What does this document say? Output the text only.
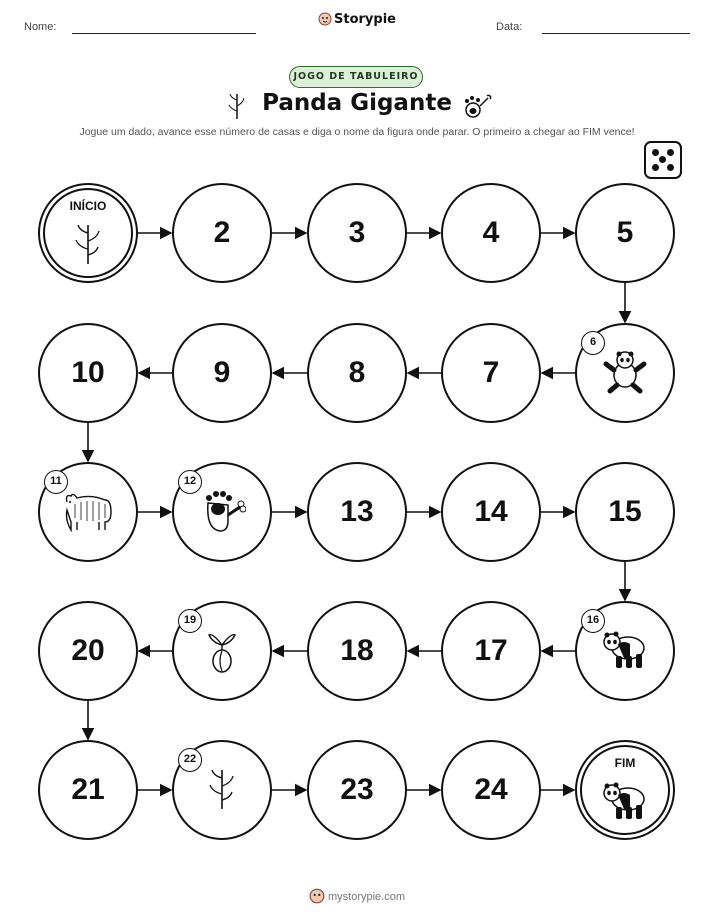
Nome:	Storypie	Data:
JOGO DE TABULEIRO
Panda Gigante
Jogue um dado, avance esse número de casas e diga o nome da figura onde parar. O primeiro a chegar ao FIM vence!
INÍCIO
2	3	4	5
6
7
8
9
10
11	12
13	14	15
16
17
18
19
20
21
22
23	24
FIM
mystorypie.com
